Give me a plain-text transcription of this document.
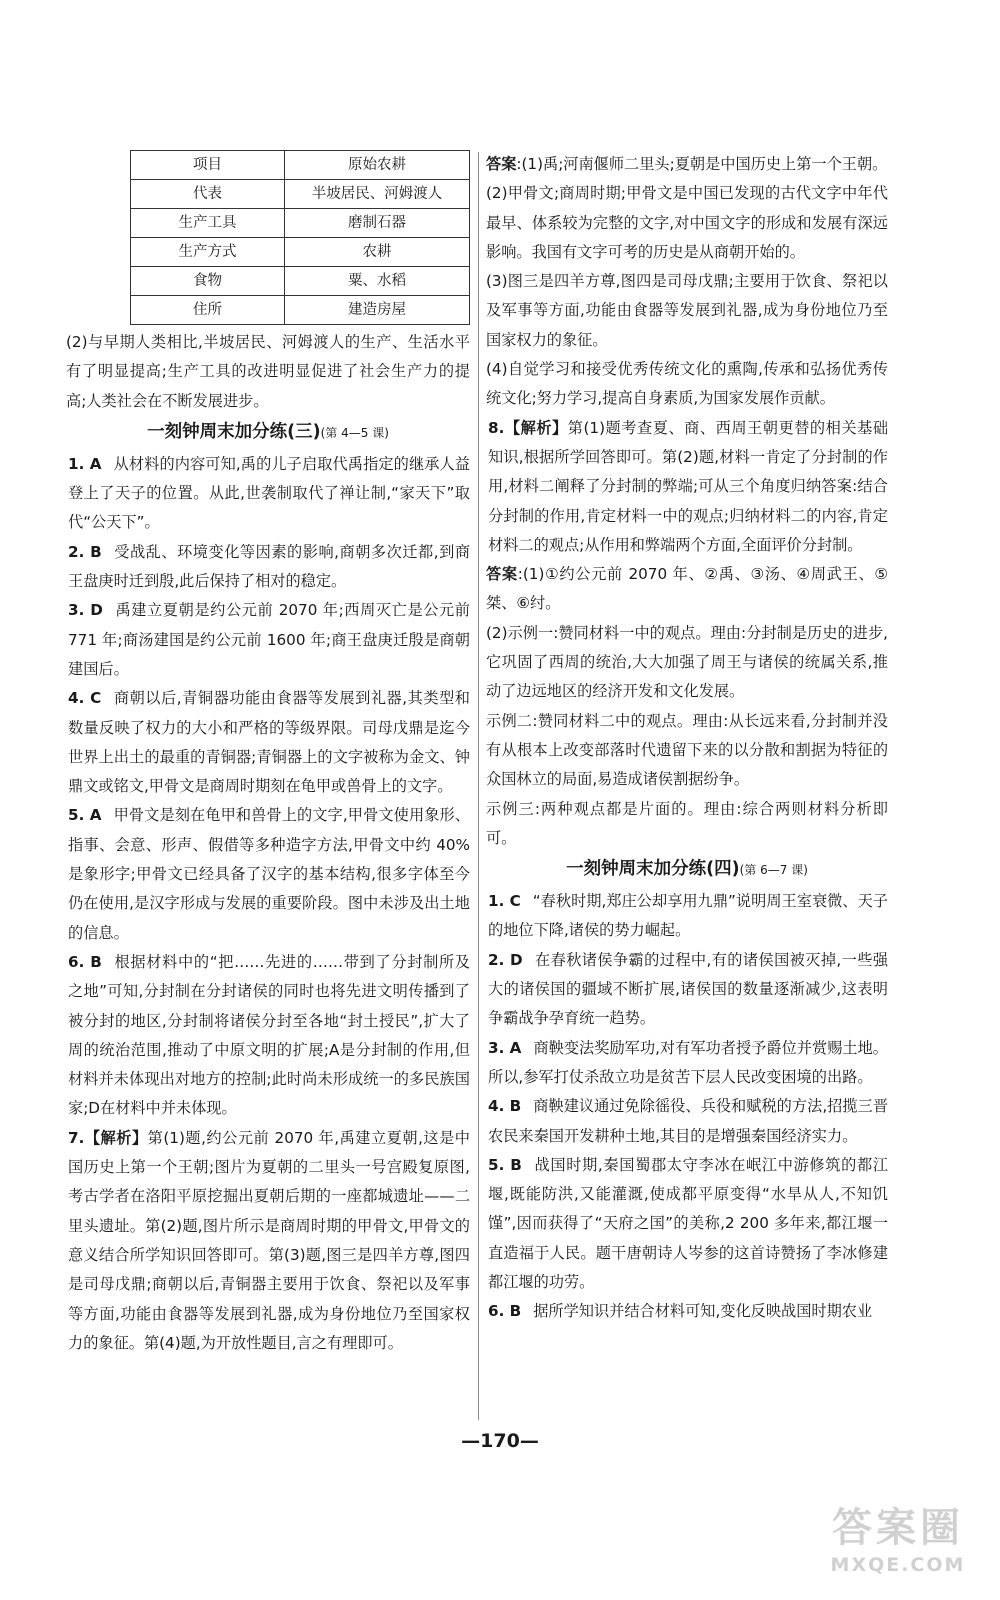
项目	原始农耕
代表	半坡居民、河姆渡人
生产工具	磨制石器
生产方式	农耕
食物	粟、水稻
住所	建造房屋

(2)与早期人类相比,半坡居民、河姆渡人的生产、生活水平有了明显提高;生产工具的改进明显促进了社会生产力的提高;人类社会在不断发展进步。

一刻钟周末加分练(三)(第 4—5 课)

1. A 从材料的内容可知,禹的儿子启取代禹指定的继承人益登上了天子的位置。从此,世袭制取代了禅让制,“家天下”取代“公天下”。

2. B 受战乱、环境变化等因素的影响,商朝多次迁都,到商王盘庚时迁到殷,此后保持了相对的稳定。

3. D 禹建立夏朝是约公元前 2070 年;西周灭亡是公元前 771 年;商汤建国是约公元前 1600 年;商王盘庚迁殷是商朝建国后。

4. C 商朝以后,青铜器功能由食器等发展到礼器,其类型和数量反映了权力的大小和严格的等级界限。司母戊鼎是迄今世界上出土的最重的青铜器;青铜器上的文字被称为金文、钟鼎文或铭文,甲骨文是商周时期刻在龟甲或兽骨上的文字。

5. A 甲骨文是刻在龟甲和兽骨上的文字,甲骨文使用象形、指事、会意、形声、假借等多种造字方法,甲骨文中约 40%是象形字;甲骨文已经具备了汉字的基本结构,很多字体至今仍在使用,是汉字形成与发展的重要阶段。图中未涉及出土地的信息。

6. B 根据材料中的“把……先进的……带到了分封制所及之地”可知,分封制在分封诸侯的同时也将先进文明传播到了被分封的地区,分封制将诸侯分封至各地“封土授民”,扩大了周的统治范围,推动了中原文明的扩展;A是分封制的作用,但材料并未体现出对地方的控制;此时尚未形成统一的多民族国家;D在材料中并未体现。

7.【解析】第(1)题,约公元前 2070 年,禹建立夏朝,这是中国历史上第一个王朝;图片为夏朝的二里头一号宫殿复原图,考古学者在洛阳平原挖掘出夏朝后期的一座都城遗址——二里头遗址。第(2)题,图片所示是商周时期的甲骨文,甲骨文的意义结合所学知识回答即可。第(3)题,图三是四羊方尊,图四是司母戊鼎;商朝以后,青铜器主要用于饮食、祭祀以及军事等方面,功能由食器等发展到礼器,成为身份地位乃至国家权力的象征。第(4)题,为开放性题目,言之有理即可。

答案:(1)禹;河南偃师二里头;夏朝是中国历史上第一个王朝。

(2)甲骨文;商周时期;甲骨文是中国已发现的古代文字中年代最早、体系较为完整的文字,对中国文字的形成和发展有深远影响。我国有文字可考的历史是从商朝开始的。

(3)图三是四羊方尊,图四是司母戊鼎;主要用于饮食、祭祀以及军事等方面,功能由食器等发展到礼器,成为身份地位乃至国家权力的象征。

(4)自觉学习和接受优秀传统文化的熏陶,传承和弘扬优秀传统文化;努力学习,提高自身素质,为国家发展作贡献。

8.【解析】第(1)题考查夏、商、西周王朝更替的相关基础知识,根据所学回答即可。第(2)题,材料一肯定了分封制的作用,材料二阐释了分封制的弊端;可从三个角度归纳答案:结合分封制的作用,肯定材料一中的观点;归纳材料二的内容,肯定材料二的观点;从作用和弊端两个方面,全面评价分封制。

答案:(1)①约公元前 2070 年、②禹、③汤、④周武王、⑤桀、⑥纣。

(2)示例一:赞同材料一中的观点。理由:分封制是历史的进步,它巩固了西周的统治,大大加强了周王与诸侯的统属关系,推动了边远地区的经济开发和文化发展。

示例二:赞同材料二中的观点。理由:从长远来看,分封制并没有从根本上改变部落时代遗留下来的以分散和割据为特征的众国林立的局面,易造成诸侯割据纷争。

示例三:两种观点都是片面的。理由:综合两则材料分析即可。

一刻钟周末加分练(四)(第 6—7 课)

1. C “春秋时期,郑庄公却享用九鼎”说明周王室衰微、天子的地位下降,诸侯的势力崛起。

2. D 在春秋诸侯争霸的过程中,有的诸侯国被灭掉,一些强大的诸侯国的疆域不断扩展,诸侯国的数量逐渐减少,这表明争霸战争孕育统一趋势。

3. A 商鞅变法奖励军功,对有军功者授予爵位并赏赐土地。所以,参军打仗杀敌立功是贫苦下层人民改变困境的出路。

4. B 商鞅建议通过免除徭役、兵役和赋税的方法,招揽三晋农民来秦国开发耕种土地,其目的是增强秦国经济实力。

5. B 战国时期,秦国蜀郡太守李冰在岷江中游修筑的都江堰,既能防洪,又能灌溉,使成都平原变得“水旱从人,不知饥馑”,因而获得了“天府之国”的美称,2 200 多年来,都江堰一直造福于人民。题干唐朝诗人岑参的这首诗赞扬了李冰修建都江堰的功劳。

6. B 据所学知识并结合材料可知,变化反映战国时期农业

—170—
答案圈
MXQE.COM
